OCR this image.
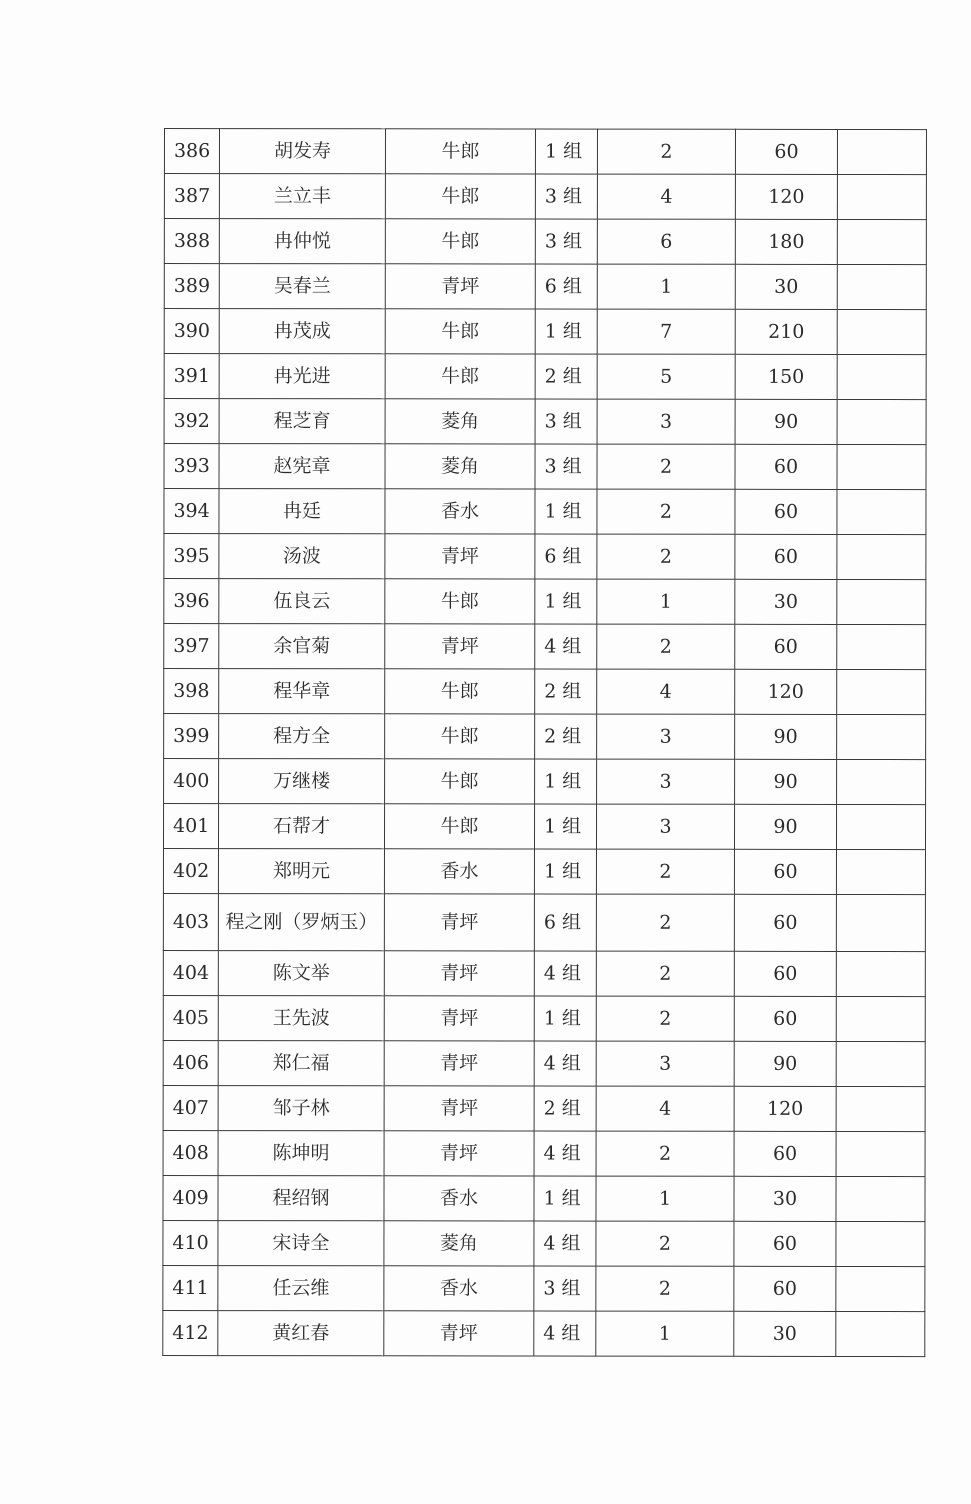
386	胡发寿	牛郎	1 组	2	60	
387	兰立丰	牛郎	3 组	4	120	
388	冉仲悦	牛郎	3 组	6	180	
389	吴春兰	青坪	6 组	1	30	
390	冉茂成	牛郎	1 组	7	210	
391	冉光进	牛郎	2 组	5	150	
392	程芝育	菱角	3 组	3	90	
393	赵宪章	菱角	3 组	2	60	
394	冉廷	香水	1 组	2	60	
395	汤波	青坪	6 组	2	60	
396	伍良云	牛郎	1 组	1	30	
397	余官菊	青坪	4 组	2	60	
398	程华章	牛郎	2 组	4	120	
399	程方全	牛郎	2 组	3	90	
400	万继楼	牛郎	1 组	3	90	
401	石帮才	牛郎	1 组	3	90	
402	郑明元	香水	1 组	2	60	
403	程之刚（罗炳玉）	青坪	6 组	2	60	
404	陈文举	青坪	4 组	2	60	
405	王先波	青坪	1 组	2	60	
406	郑仁福	青坪	4 组	3	90	
407	邹子林	青坪	2 组	4	120	
408	陈坤明	青坪	4 组	2	60	
409	程绍钢	香水	1 组	1	30	
410	宋诗全	菱角	4 组	2	60	
411	任云维	香水	3 组	2	60	
412	黄红春	青坪	4 组	1	30	
